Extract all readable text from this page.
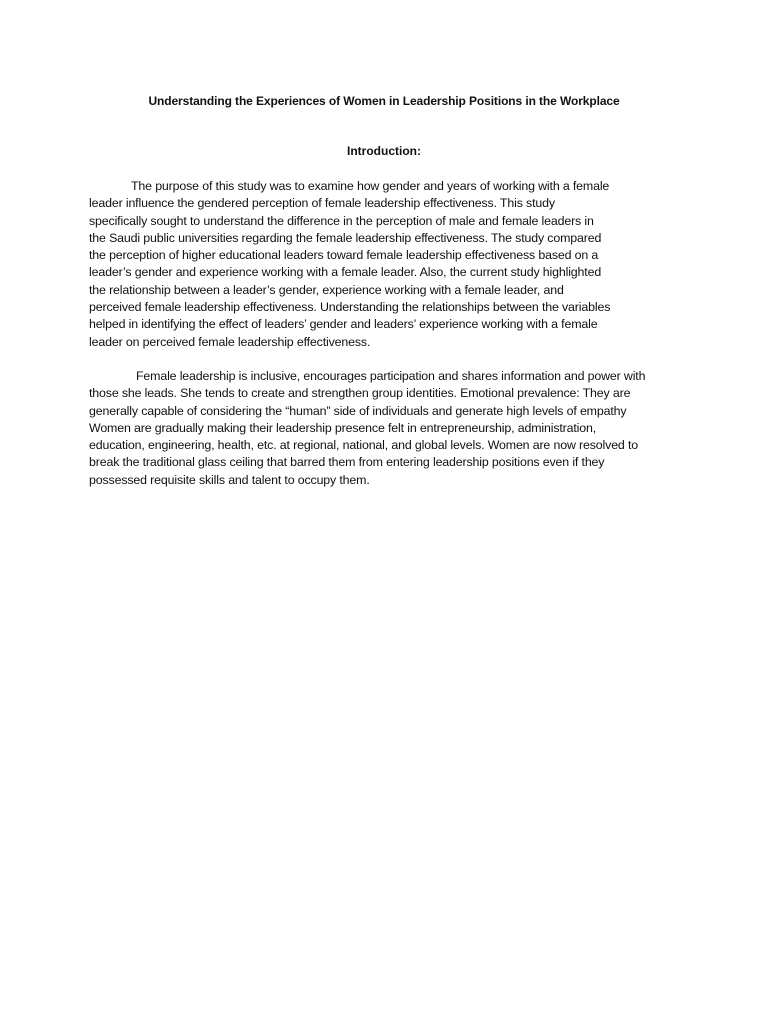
Understanding the Experiences of Women in Leadership Positions in the Workplace
Introduction:

The purpose of this study was to examine how gender and years of working with a female
leader influence the gendered perception of female leadership effectiveness. This study
specifically sought to understand the difference in the perception of male and female leaders in
the Saudi public universities regarding the female leadership effectiveness. The study compared
the perception of higher educational leaders toward female leadership effectiveness based on a
leader’s gender and experience working with a female leader. Also, the current study highlighted
the relationship between a leader’s gender, experience working with a female leader, and
perceived female leadership effectiveness. Understanding the relationships between the variables
helped in identifying the effect of leaders’ gender and leaders’ experience working with a female
leader on perceived female leadership effectiveness.

Female leadership is inclusive, encourages participation and shares information and power with
those she leads. She tends to create and strengthen group identities. Emotional prevalence: They are
generally capable of considering the “human” side of individuals and generate high levels of empathy
Women are gradually making their leadership presence felt in entrepreneurship, administration,
education, engineering, health, etc. at regional, national, and global levels. Women are now resolved to
break the traditional glass ceiling that barred them from entering leadership positions even if they
possessed requisite skills and talent to occupy them.
